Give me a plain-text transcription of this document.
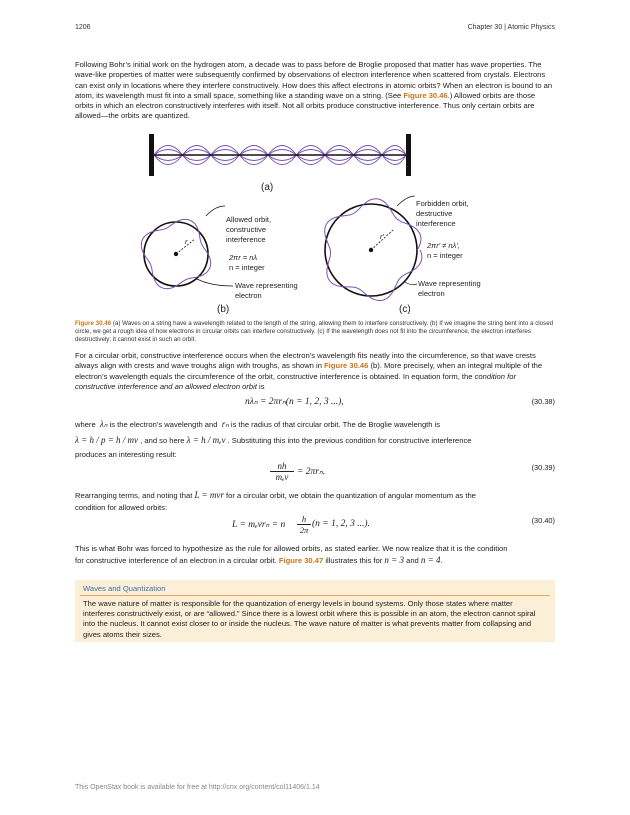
1206	Chapter 30 | Atomic Physics
Following Bohr’s initial work on the hydrogen atom, a decade was to pass before de Broglie proposed that matter has wave properties. The wave-like properties of matter were subsequently confirmed by observations of electron interference when scattered from crystals. Electrons can exist only in locations where they interfere constructively. How does this affect electrons in atomic orbits? When an electron is bound to an atom, its wavelength must fit into a small space, something like a standing wave on a string. (See Figure 30.46.) Allowed orbits are those orbits in which an electron constructively interferes with itself. Not all orbits produce constructive interference. Thus only certain orbits are allowed—the orbits are quantized.
(a)
r
Allowed orbit, constructive interference
2πr = nλ
n = integer
Wave representing electron
(b)
r′
Forbidden orbit, destructive interference
2πr′ ≠ nλ′,
n = integer
Wave representing electron
(c)
Figure 30.46 (a) Waves on a string have a wavelength related to the length of the string, allowing them to interfere constructively. (b) If we imagine the string bent into a closed circle, we get a rough idea of how electrons in circular orbits can interfere constructively. (c) If the wavelength does not fit into the circumference, the electron interferes destructively; it cannot exist in such an orbit.
For a circular orbit, constructive interference occurs when the electron’s wavelength fits neatly into the circumference, so that wave crests always align with crests and wave troughs align with troughs, as shown in Figure 30.46 (b). More precisely, when an integral multiple of the electron’s wavelength equals the circumference of the orbit, constructive interference is obtained. In equation form, the condition for constructive interference and an allowed electron orbit is
nλₙ = 2πrₙ(n = 1, 2, 3 ...),	(30.38)
where λₙ is the electron’s wavelength and  rₙ is the radius of that circular orbit. The de Broglie wavelength is
λ = h / p = h / mv , and so here λ = h / mₑv . Substituting this into the previous condition for constructive interference
produces an interesting result:
nh
mₑv = 2πrₙ.	(30.39)
Rearranging terms, and noting that L = mvr for a circular orbit, we obtain the quantization of angular momentum as the
condition for allowed orbits:
L = mₑvrₙ = n $\frac{h}{2\pi} (n = 1$, 2, 3 ...).	(30.40)
This is what Bohr was forced to hypothesize as the rule for allowed orbits, as stated earlier. We now realize that it is the condition
for constructive interference of an electron in a circular orbit. Figure 30.47 illustrates this for n = 3 and n = 4.
Waves and Quantization
The wave nature of matter is responsible for the quantization of energy levels in bound systems. Only those states where matter interferes constructively exist, or are “allowed.” Since there is a lowest orbit where this is possible in an atom, the electron cannot spiral into the nucleus. It cannot exist closer to or inside the nucleus. The wave nature of matter is what prevents matter from collapsing and gives atoms their sizes.
This OpenStax book is available for free at http://cnx.org/content/col11406/1.14
